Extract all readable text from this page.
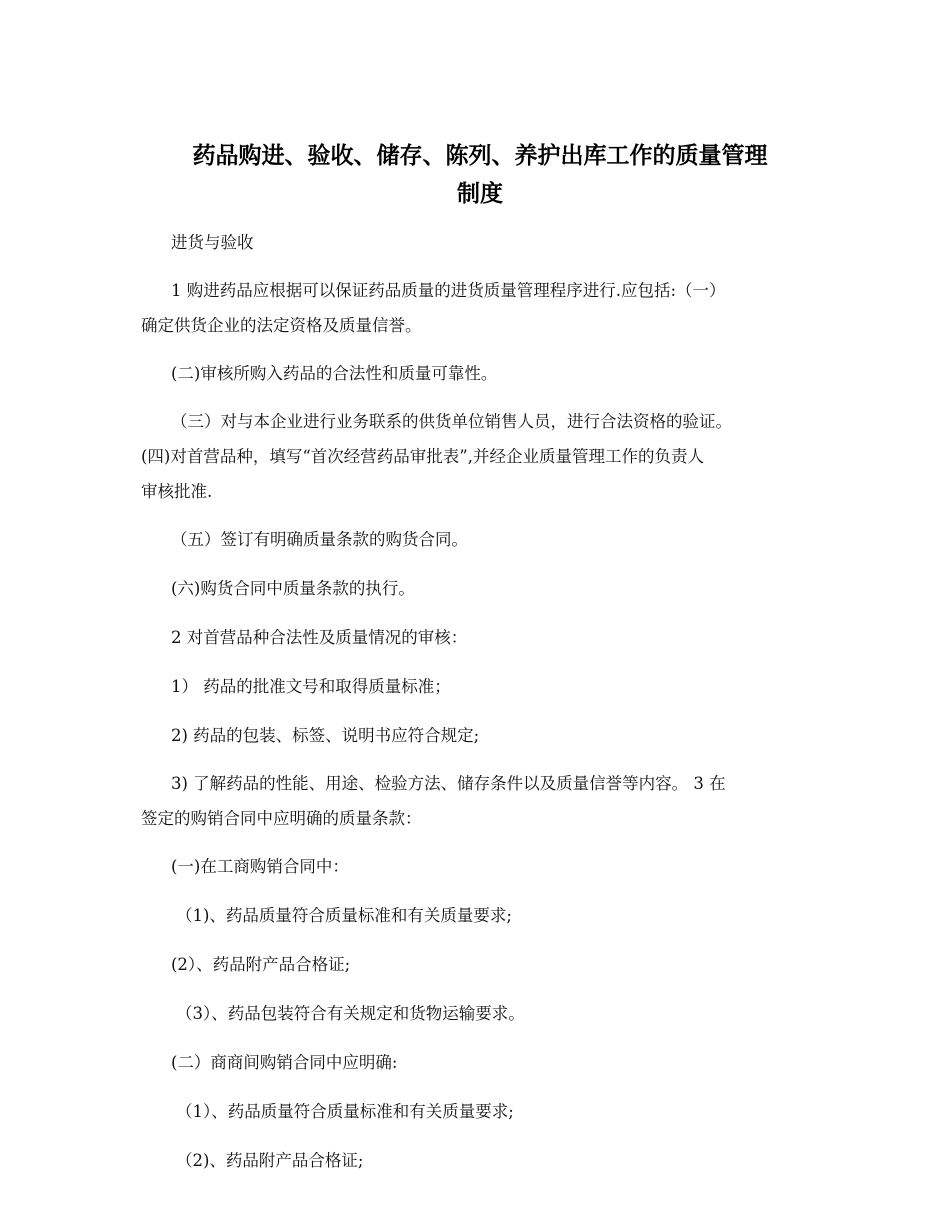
药品购进、验收、储存、陈列、养护出库工作的质量管理
制度

进货与验收

1 购进药品应根据可以保证药品质量的进货质量管理程序进行.应包括:（一）
确定供货企业的法定资格及质量信誉。

(二)审核所购入药品的合法性和质量可靠性。

（三）对与本企业进行业务联系的供货单位销售人员，进行合法资格的验证。
(四)对首营品种，填写“首次经营药品审批表”,并经企业质量管理工作的负责人
审核批准.

（五）签订有明确质量条款的购货合同。

(六)购货合同中质量条款的执行。

2 对首营品种合法性及质量情况的审核：

1） 药品的批准文号和取得质量标准；

2) 药品的包装、标签、说明书应符合规定;

3) 了解药品的性能、用途、检验方法、储存条件以及质量信誉等内容。 3 在
签定的购销合同中应明确的质量条款：

(一)在工商购销合同中：

（1)、药品质量符合质量标准和有关质量要求;

(2）、药品附产品合格证;

（3）、药品包装符合有关规定和货物运输要求。

(二）商商间购销合同中应明确:

（1）、药品质量符合质量标准和有关质量要求;

（2)、药品附产品合格证;
